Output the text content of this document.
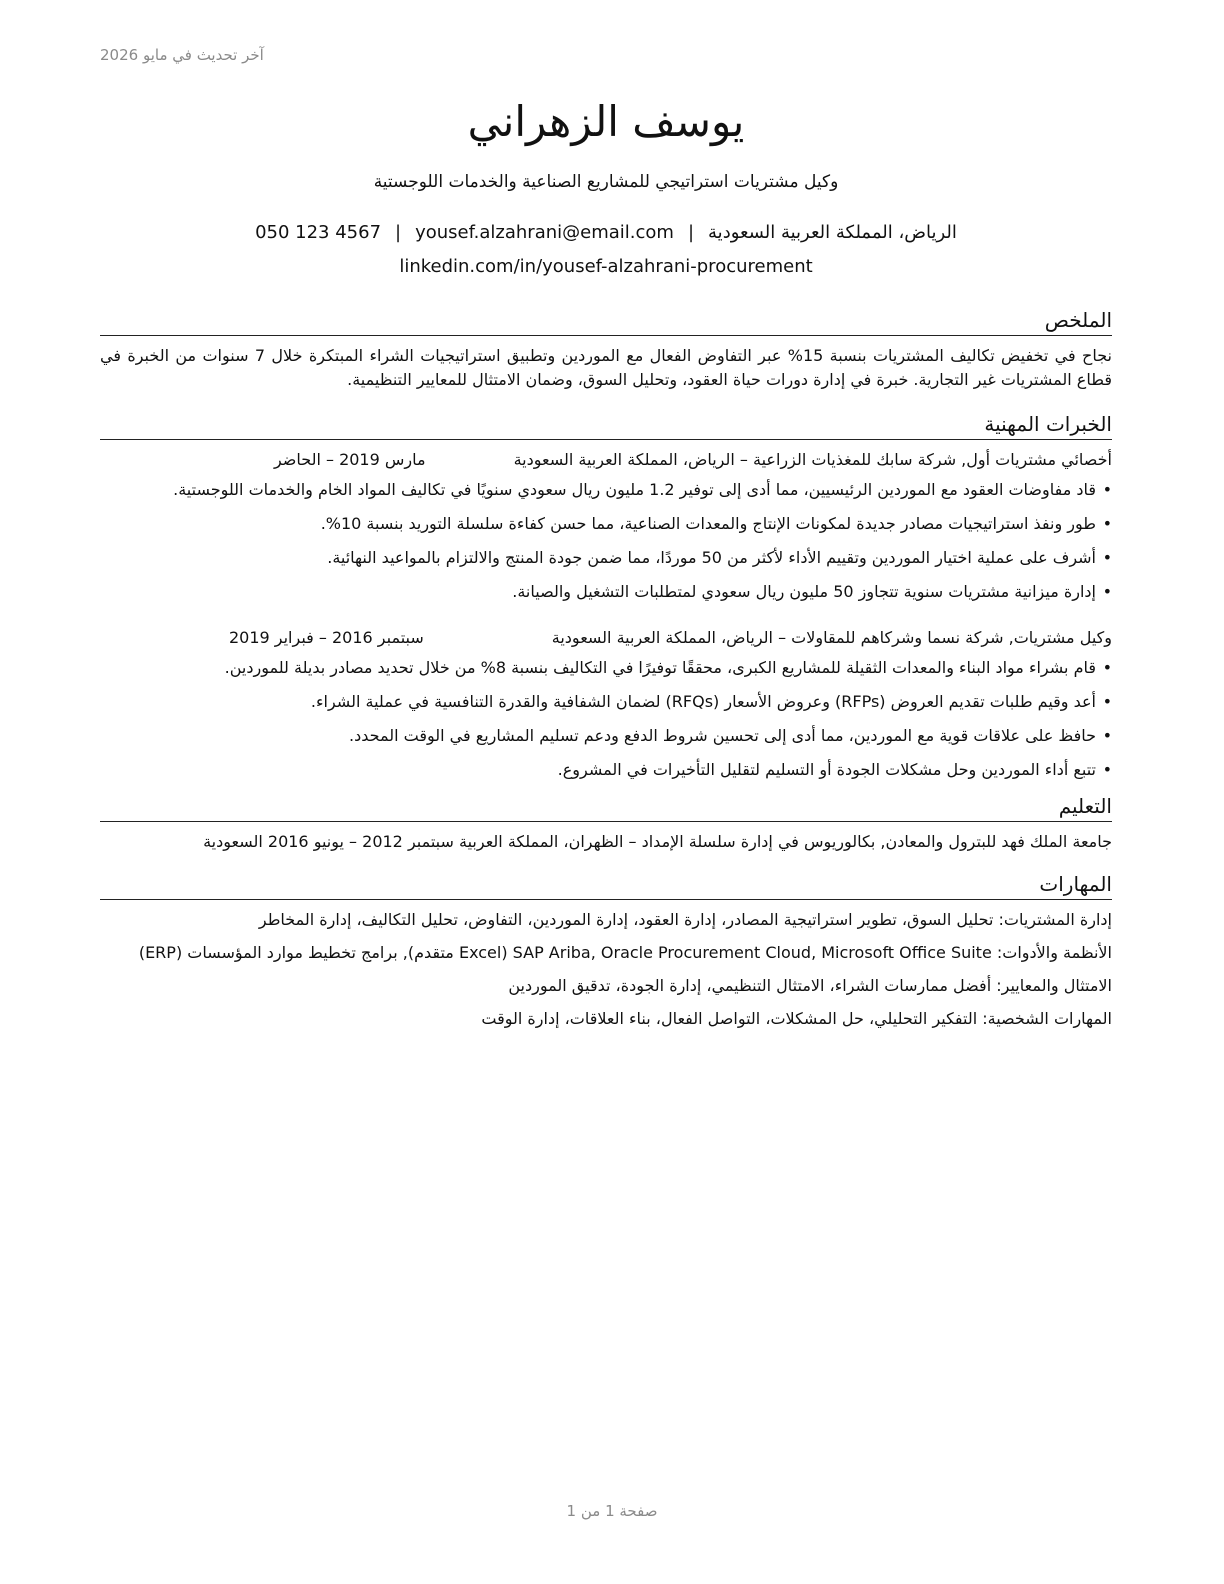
آخر تحديث في مايو 2026
يوسف الزهراني
وكيل مشتريات استراتيجي للمشاريع الصناعية والخدمات اللوجستية
الرياض، المملكة العربية السعودية|yousef.alzahrani@email.com|050 123 4567
linkedin.com/in/yousef-alzahrani-procurement
الملخص
نجاح في تخفيض تكاليف المشتريات بنسبة 15% عبر التفاوض الفعال مع الموردين وتطبيق استراتيجيات الشراء المبتكرة خلال 7 سنوات من الخبرة في قطاع المشتريات غير التجارية. خبرة في إدارة دورات حياة العقود، وتحليل السوق، وضمان الامتثال للمعايير التنظيمية.
الخبرات المهنية
أخصائي مشتريات أول, شركة سابك للمغذيات الزراعية – الرياض، المملكة العربية السعودية
مارس 2019 – الحاضر
• قاد مفاوضات العقود مع الموردين الرئيسيين، مما أدى إلى توفير 1.2 مليون ريال سعودي سنويًا في تكاليف المواد الخام والخدمات اللوجستية.
• طور ونفذ استراتيجيات مصادر جديدة لمكونات الإنتاج والمعدات الصناعية، مما حسن كفاءة سلسلة التوريد بنسبة 10%.
• أشرف على عملية اختيار الموردين وتقييم الأداء لأكثر من 50 موردًا، مما ضمن جودة المنتج والالتزام بالمواعيد النهائية.
• إدارة ميزانية مشتريات سنوية تتجاوز 50 مليون ريال سعودي لمتطلبات التشغيل والصيانة.
وكيل مشتريات, شركة نسما وشركاهم للمقاولات – الرياض، المملكة العربية السعودية
سبتمبر 2016 – فبراير 2019
• قام بشراء مواد البناء والمعدات الثقيلة للمشاريع الكبرى، محققًا توفيرًا في التكاليف بنسبة 8% من خلال تحديد مصادر بديلة للموردين.
• أعد وقيم طلبات تقديم العروض (RFPs) وعروض الأسعار (RFQs) لضمان الشفافية والقدرة التنافسية في عملية الشراء.
• حافظ على علاقات قوية مع الموردين، مما أدى إلى تحسين شروط الدفع ودعم تسليم المشاريع في الوقت المحدد.
• تتبع أداء الموردين وحل مشكلات الجودة أو التسليم لتقليل التأخيرات في المشروع.
التعليم
جامعة الملك فهد للبترول والمعادن, بكالوريوس في إدارة سلسلة الإمداد – الظهران، المملكة العربية سبتمبر 2012 – يونيو 2016 السعودية
المهارات
إدارة المشتريات: تحليل السوق، تطوير استراتيجية المصادر، إدارة العقود، إدارة الموردين، التفاوض، تحليل التكاليف، إدارة المخاطر
الأنظمة والأدوات: SAP Ariba, Oracle Procurement Cloud, Microsoft Office Suite (Excel متقدم), برامج تخطيط موارد المؤسسات (ERP)
الامتثال والمعايير: أفضل ممارسات الشراء، الامتثال التنظيمي، إدارة الجودة، تدقيق الموردين
المهارات الشخصية: التفكير التحليلي، حل المشكلات، التواصل الفعال، بناء العلاقات، إدارة الوقت
صفحة 1 من 1
